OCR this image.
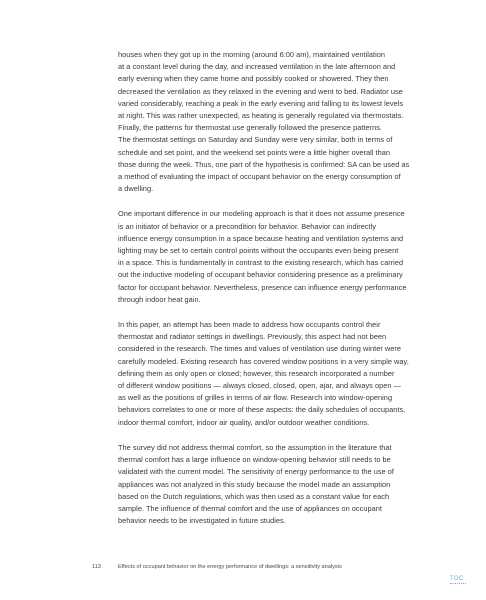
houses when they got up in the morning (around 6:00 am), maintained ventilation
at a constant level during the day, and increased ventilation in the late afternoon and
early evening when they came home and possibly cooked or showered. They then
decreased the ventilation as they relaxed in the evening and went to bed. Radiator use
varied considerably, reaching a peak in the early evening and falling to its lowest levels
at night. This was rather unexpected, as heating is generally regulated via thermostats.
Finally, the patterns for thermostat use generally followed the presence patterns.
The thermostat settings on Saturday and Sunday were very similar, both in terms of
schedule and set point, and the weekend set points were a little higher overall than
those during the week. Thus, one part of the hypothesis is confirmed: SA can be used as
a method of evaluating the impact of occupant behavior on the energy consumption of
a dwelling.

One important difference in our modeling approach is that it does not assume presence
is an initiator of behavior or a precondition for behavior. Behavior can indirectly
influence energy consumption in a space because heating and ventilation systems and
lighting may be set to certain control points without the occupants even being present
in a space. This is fundamentally in contrast to the existing research, which has carried
out the inductive modeling of occupant behavior considering presence as a preliminary
factor for occupant behavior. Nevertheless, presence can influence energy performance
through indoor heat gain.

In this paper, an attempt has been made to address how occupants control their
thermostat and radiator settings in dwellings. Previously, this aspect had not been
considered in the research. The times and values of ventilation use during winter were
carefully modeled. Existing research has covered window positions in a very simple way,
defining them as only open or closed; however, this research incorporated a number
of different window positions — always closed, closed, open, ajar, and always open —
as well as the positions of grilles in terms of air flow. Research into window-opening
behaviors correlates to one or more of these aspects: the daily schedules of occupants,
indoor thermal comfort, indoor air quality, and/or outdoor weather conditions.

The survey did not address thermal comfort, so the assumption in the literature that
thermal comfort has a large influence on window-opening behavior still needs to be
validated with the current model. The sensitivity of energy performance to the use of
appliances was not analyzed in this study because the model made an assumption
based on the Dutch regulations, which was then used as a constant value for each
sample. The influence of thermal comfort and the use of appliances on occupant
behavior needs to be investigated in future studies.

113	Effects of occupant behavior on the energy performance of dwellings: a sensitivity analysis
TOC
